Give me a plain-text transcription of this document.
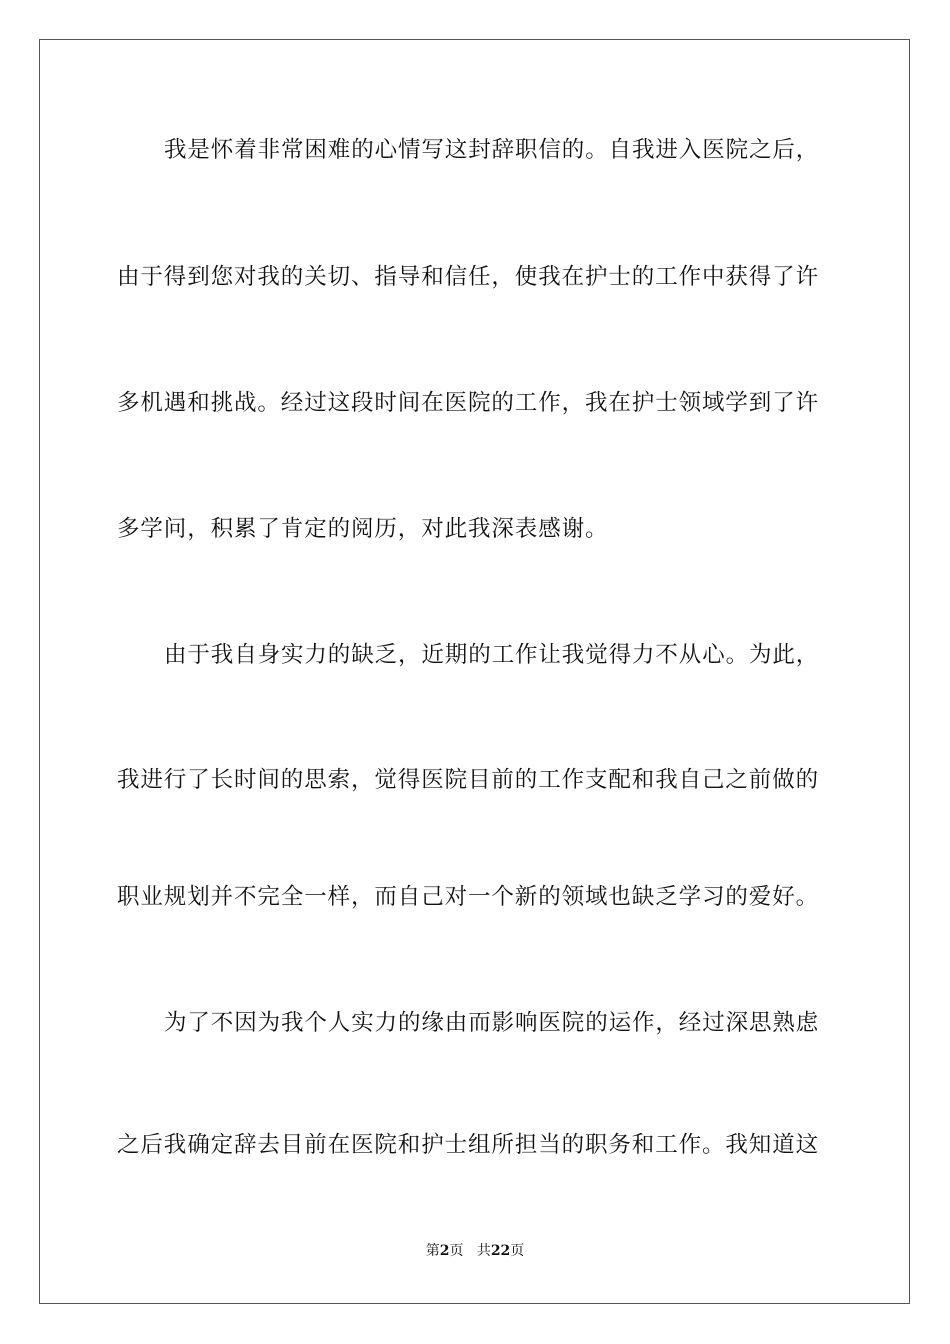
我是怀着非常困难的心情写这封辞职信的。自我进入医院之后，
由于得到您对我的关切、指导和信任，使我在护士的工作中获得了许
多机遇和挑战。经过这段时间在医院的工作，我在护士领域学到了许
多学问，积累了肯定的阅历，对此我深表感谢。
由于我自身实力的缺乏，近期的工作让我觉得力不从心。为此，
我进行了长时间的思索，觉得医院目前的工作支配和我自己之前做的
职业规划并不完全一样，而自己对一个新的领域也缺乏学习的爱好。
为了不因为我个人实力的缘由而影响医院的运作，经过深思熟虑
之后我确定辞去目前在医院和护士组所担当的职务和工作。我知道这
第2页 共22页
